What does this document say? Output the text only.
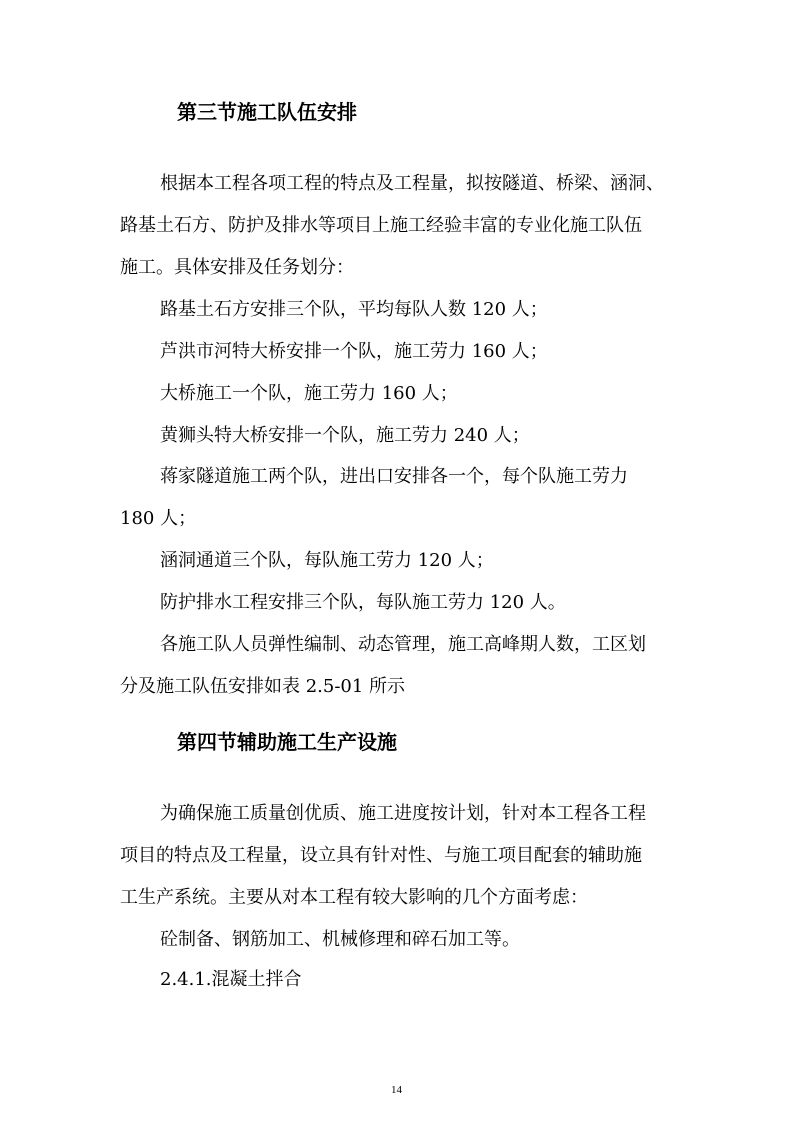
第三节施工队伍安排
根据本工程各项工程的特点及工程量，拟按隧道、桥梁、涵洞、
路基土石方、防护及排水等项目上施工经验丰富的专业化施工队伍
施工。具体安排及任务划分：
路基土石方安排三个队，平均每队人数 120 人；
芦洪市河特大桥安排一个队，施工劳力 160 人；
大桥施工一个队，施工劳力 160 人；
黄狮头特大桥安排一个队，施工劳力 240 人；
蒋家隧道施工两个队，进出口安排各一个，每个队施工劳力
180 人；
涵洞通道三个队，每队施工劳力 120 人；
防护排水工程安排三个队，每队施工劳力 120 人。
各施工队人员弹性编制、动态管理，施工高峰期人数，工区划
分及施工队伍安排如表 2.5-01 所示
第四节辅助施工生产设施
为确保施工质量创优质、施工进度按计划，针对本工程各工程
项目的特点及工程量，设立具有针对性、与施工项目配套的辅助施
工生产系统。主要从对本工程有较大影响的几个方面考虑：
砼制备、钢筋加工、机械修理和碎石加工等。
2.4.1.混凝土拌合
14
